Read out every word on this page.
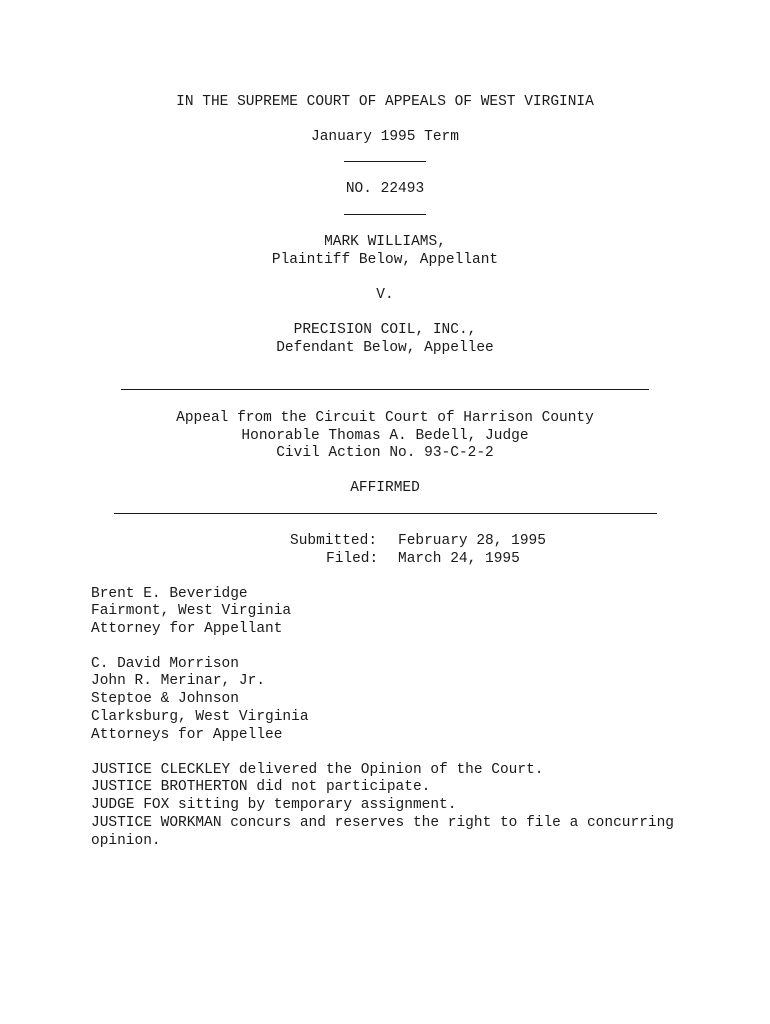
IN THE SUPREME COURT OF APPEALS OF WEST VIRGINIA
January 1995 Term
NO. 22493
MARK WILLIAMS,
Plaintiff Below, Appellant
V.
PRECISION COIL, INC.,
Defendant Below, Appellee
Appeal from the Circuit Court of Harrison County
Honorable Thomas A. Bedell, Judge
Civil Action No. 93-C-2-2
AFFIRMED
Submitted: February 28, 1995
Filed: March 24, 1995
Brent E. Beveridge
Fairmont, West Virginia
Attorney for Appellant
C. David Morrison
John R. Merinar, Jr.
Steptoe & Johnson
Clarksburg, West Virginia
Attorneys for Appellee
JUSTICE CLECKLEY delivered the Opinion of the Court.
JUSTICE BROTHERTON did not participate.
JUDGE FOX sitting by temporary assignment.
JUSTICE WORKMAN concurs and reserves the right to file a concurring
opinion.
